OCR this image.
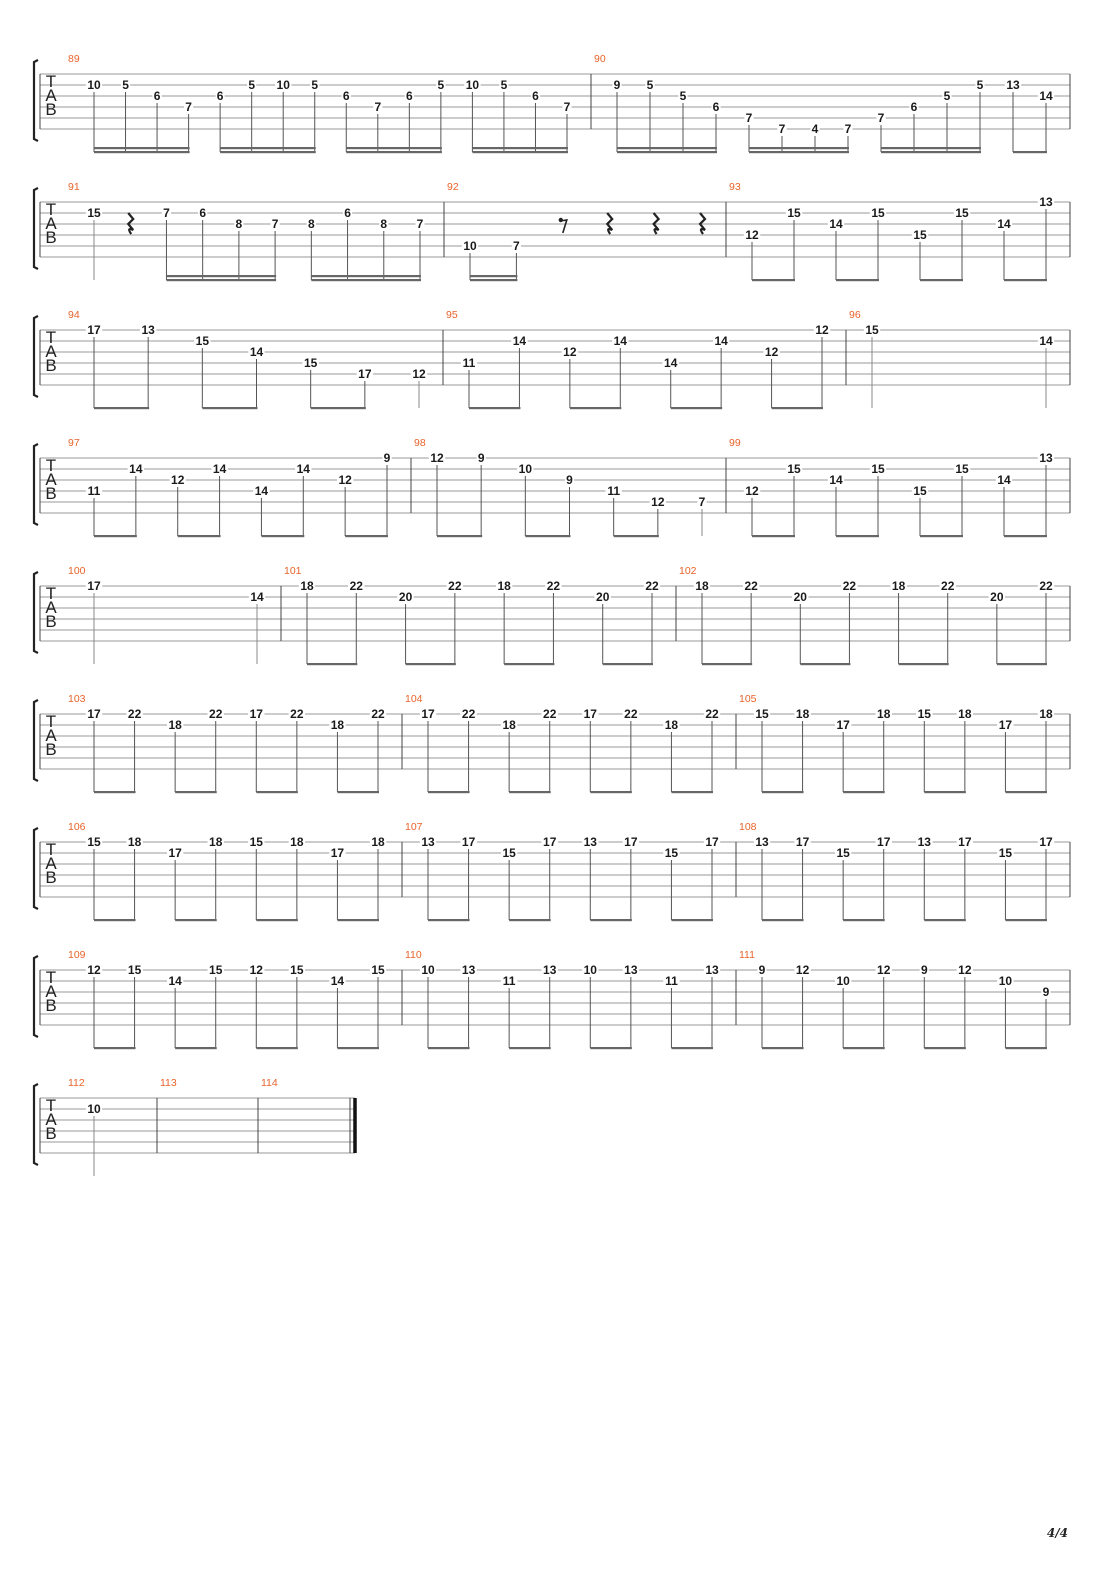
T
A
B
89
10 5
6
7
6
5 10 5
6
7
6
5 10 5
6
7
90
9 5
5
6
7
7 4 7
7
6
5
5 13
14
T
A
B
91
15	7 6
8 7 8
6
8 7
92
10	7
93
12
15
14
15
15
15
14
13
T
A
B
94
17	13
15
14
15
17	12
95
11
14
12
14
14
14
12
12
96
15
14
T
A
B
97
11
14
12
14
14
14
12
9
98
12	9
10
9
11
12	7
99
12
15
14
15
15
15
14
13
T
A
B
100
17
14
101
18	22
20
22	18	22
20
22
102
18	22
20
22	18	22
20
22
T
A
B
103
17 22
18
22 17 22
18
22
104
17 22
18
22 17 22
18
22
105
15 18
17
18 15 18
17
18
T
A
B
106
15 18
17
18 15 18
17
18
107
13 17
15
17 13 17
15
17
108
13 17
15
17 13 17
15
17
T
A
B
109
12 15
14
15 12 15
14
15
110
10 13
11
13 10 13
11
13
111
9	12
10
12	9	12
10
9
T
A
B
112
10
113	114
4/4
